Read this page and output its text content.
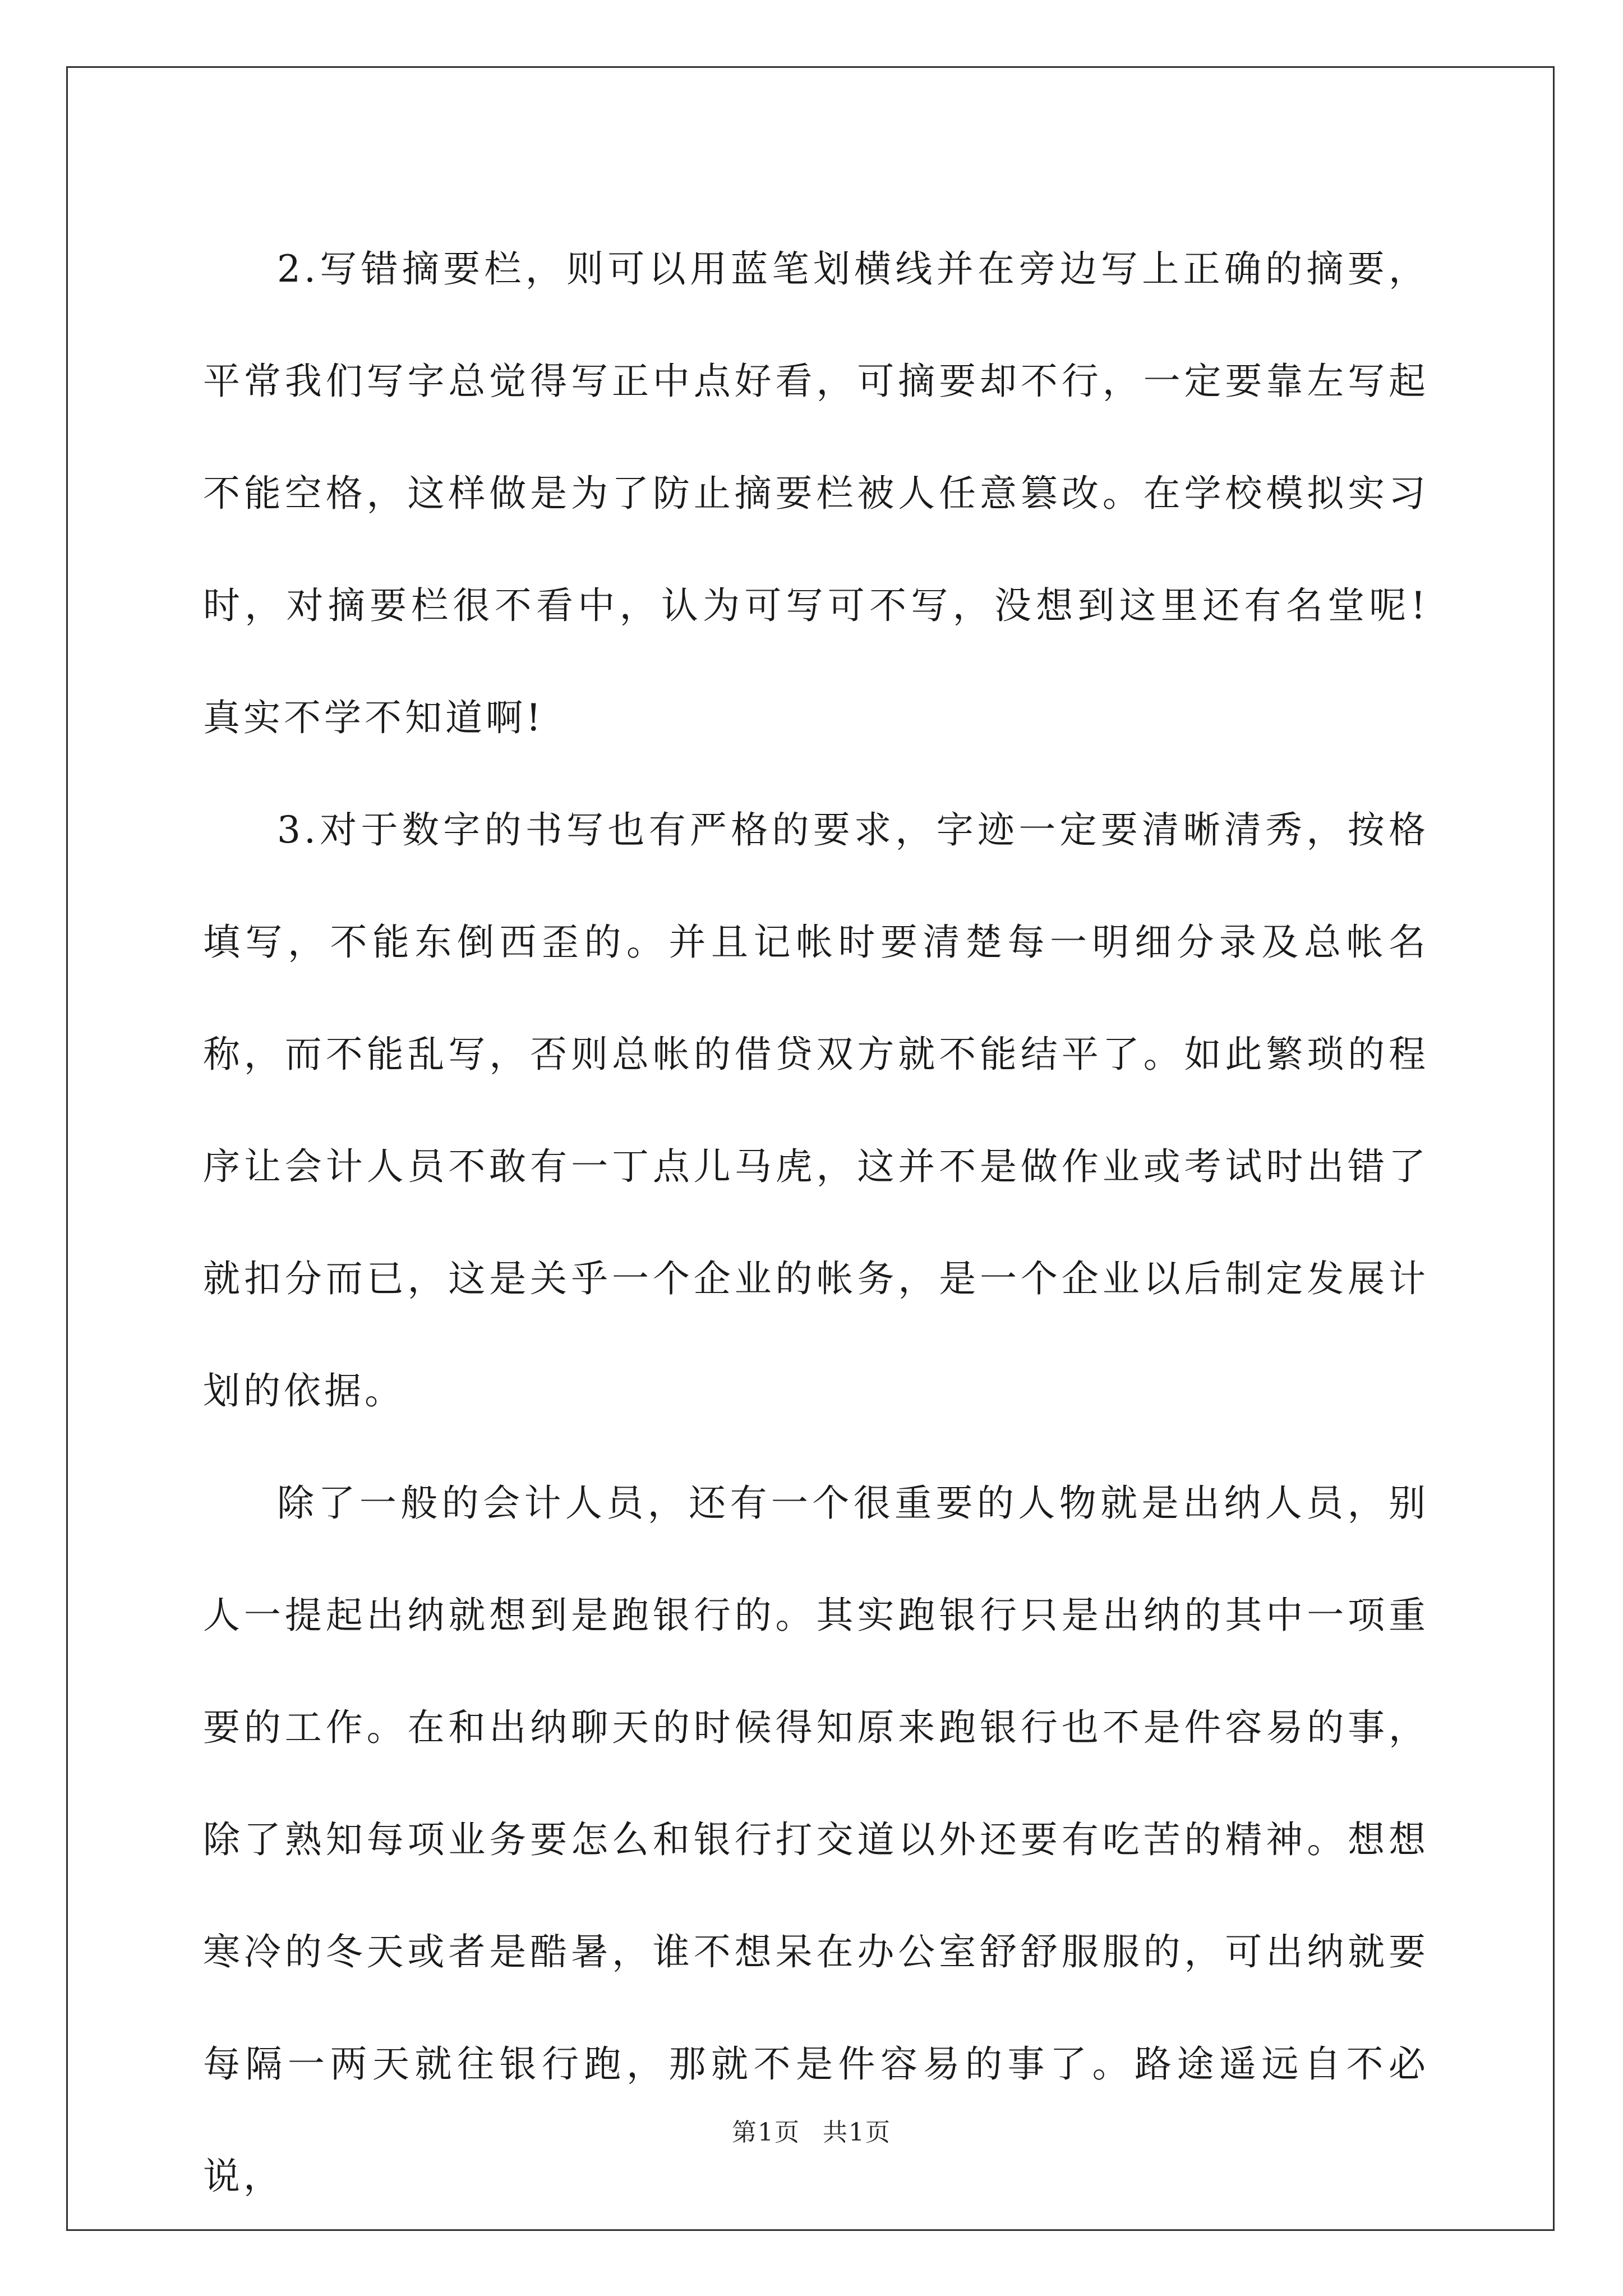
2.写错摘要栏，则可以用蓝笔划横线并在旁边写上正确的摘要，平常我们写字总觉得写正中点好看，可摘要却不行，一定要靠左写起不能空格，这样做是为了防止摘要栏被人任意篡改。在学校模拟实习时，对摘要栏很不看中，认为可写可不写，没想到这里还有名堂呢!真实不学不知道啊!

3.对于数字的书写也有严格的要求，字迹一定要清晰清秀，按格填写，不能东倒西歪的。并且记帐时要清楚每一明细分录及总帐名称，而不能乱写，否则总帐的借贷双方就不能结平了。如此繁琐的程序让会计人员不敢有一丁点儿马虎，这并不是做作业或考试时出错了就扣分而已，这是关乎一个企业的帐务，是一个企业以后制定发展计划的依据。

除了一般的会计人员，还有一个很重要的人物就是出纳人员，别人一提起出纳就想到是跑银行的。其实跑银行只是出纳的其中一项重要的工作。在和出纳聊天的时候得知原来跑银行也不是件容易的事，除了熟知每项业务要怎么和银行打交道以外还要有吃苦的精神。想想寒冷的冬天或者是酷暑，谁不想呆在办公室舒舒服服的，可出纳就要每隔一两天就往银行跑，那就不是件容易的事了。路途遥远自不必说，

第1页 共1页
